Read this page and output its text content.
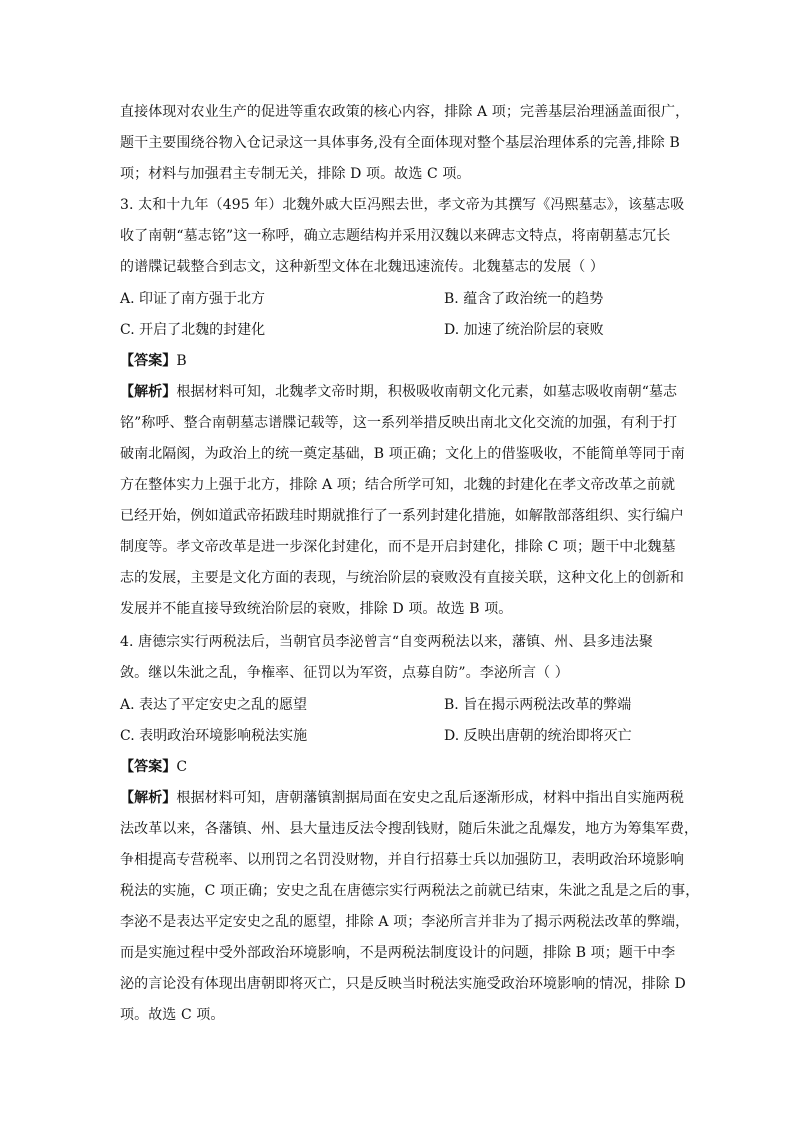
直接体现对农业生产的促进等重农政策的核心内容，排除 A 项；完善基层治理涵盖面很广，
题干主要围绕谷物入仓记录这一具体事务,没有全面体现对整个基层治理体系的完善,排除 B
项；材料与加强君主专制无关，排除 D 项。故选 C 项。
3. 太和十九年（495 年）北魏外戚大臣冯熙去世，孝文帝为其撰写《冯熙墓志》，该墓志吸
收了南朝“墓志铭”这一称呼，确立志题结构并采用汉魏以来碑志文特点，将南朝墓志冗长
的谱牒记载整合到志文，这种新型文体在北魏迅速流传。北魏墓志的发展（ ）
A. 印证了南方强于北方	B. 蕴含了政治统一的趋势
C. 开启了北魏的封建化	D. 加速了统治阶层的衰败
【答案】B
【解析】根据材料可知，北魏孝文帝时期，积极吸收南朝文化元素，如墓志吸收南朝“墓志
铭”称呼、整合南朝墓志谱牒记载等，这一系列举措反映出南北文化交流的加强，有利于打
破南北隔阂，为政治上的统一奠定基础，B 项正确；文化上的借鉴吸收，不能简单等同于南
方在整体实力上强于北方，排除 A 项；结合所学可知，北魏的封建化在孝文帝改革之前就
已经开始，例如道武帝拓跋珪时期就推行了一系列封建化措施，如解散部落组织、实行编户
制度等。孝文帝改革是进一步深化封建化，而不是开启封建化，排除 C 项；题干中北魏墓
志的发展，主要是文化方面的表现，与统治阶层的衰败没有直接关联，这种文化上的创新和
发展并不能直接导致统治阶层的衰败，排除 D 项。故选 B 项。
4. 唐德宗实行两税法后，当朝官员李泌曾言“自变两税法以来，藩镇、州、县多违法聚
敛。继以朱泚之乱，争権率、征罚以为军资，点募自防”。李泌所言（ ）
A. 表达了平定安史之乱的愿望	B. 旨在揭示两税法改革的弊端
C. 表明政治环境影响税法实施	D. 反映出唐朝的统治即将灭亡
【答案】C
【解析】根据材料可知，唐朝藩镇割据局面在安史之乱后逐渐形成，材料中指出自实施两税
法改革以来，各藩镇、州、县大量违反法令搜刮钱财，随后朱泚之乱爆发，地方为筹集军费，
争相提高专营税率、以刑罚之名罚没财物，并自行招募士兵以加强防卫，表明政治环境影响
税法的实施，C 项正确；安史之乱在唐德宗实行两税法之前就已结束，朱泚之乱是之后的事，
李泌不是表达平定安史之乱的愿望，排除 A 项；李泌所言并非为了揭示两税法改革的弊端，
而是实施过程中受外部政治环境影响，不是两税法制度设计的问题，排除 B 项；题干中李
泌的言论没有体现出唐朝即将灭亡，只是反映当时税法实施受政治环境影响的情况，排除 D
项。故选 C 项。
